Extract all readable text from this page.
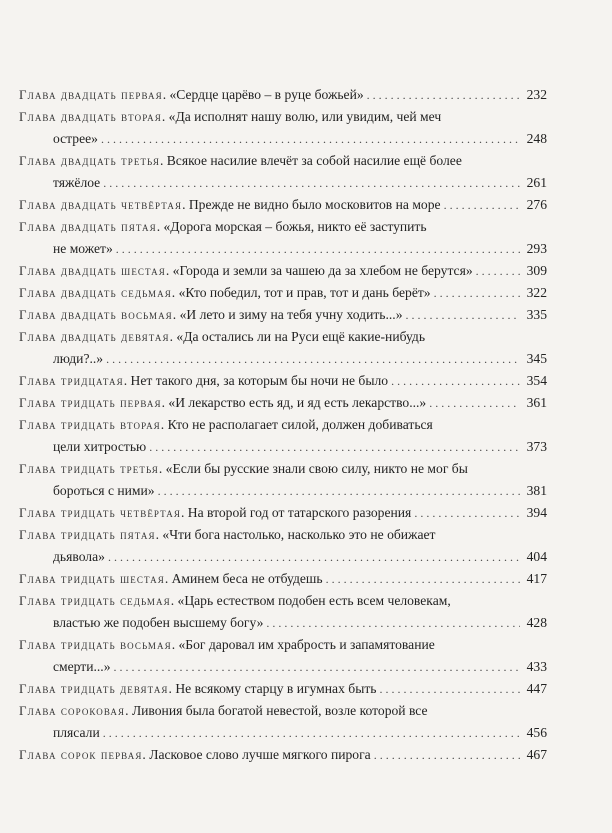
Глава двадцать первая. «Сердце царёво – в руце божьей» . . .	232
Глава двадцать вторая. «Да исполнят нашу волю, или увидим, чей меч
острее» . . .	248
Глава двадцать третья. Всякое насилие влечёт за собой насилие ещё более
тяжёлое . . .	261
Глава двадцать четвёртая. Прежде не видно было московитов на море . . .	276
Глава двадцать пятая. «Дорога морская – божья, никто её заступить
не может» . . .	293
Глава двадцать шестая. «Города и земли за чашею да за хлебом не берутся» . . .	309
Глава двадцать седьмая. «Кто победил, тот и прав, тот и дань берёт» . . .	322
Глава двадцать восьмая. «И лето и зиму на тебя учну ходить...» . . .	335
Глава двадцать девятая. «Да остались ли на Руси ещё какие-нибудь
люди?..» . . .	345
Глава тридцатая. Нет такого дня, за которым бы ночи не было . . .	354
Глава тридцать первая. «И лекарство есть яд, и яд есть лекарство...» . . .	361
Глава тридцать вторая. Кто не располагает силой, должен добиваться
цели хитростью . . .	373
Глава тридцать третья. «Если бы русские знали свою силу, никто не мог бы
бороться с ними» . . .	381
Глава тридцать четвёртая. На второй год от татарского разорения . . .	394
Глава тридцать пятая. «Чти бога настолько, насколько это не обижает
дьявола» . . .	404
Глава тридцать шестая. Аминем беса не отбудешь . . .	417
Глава тридцать седьмая. «Царь естеством подобен есть всем человекам,
властью же подобен высшему богу» . . .	428
Глава тридцать восьмая. «Бог даровал им храбрость и запамятование
смерти...» . . .	433
Глава тридцать девятая. Не всякому старцу в игумнах быть . . .	447
Глава сороковая. Ливония была богатой невестой, возле которой все
плясали . . .	456
Глава сорок первая. Ласковое слово лучше мягкого пирога . . .	467
